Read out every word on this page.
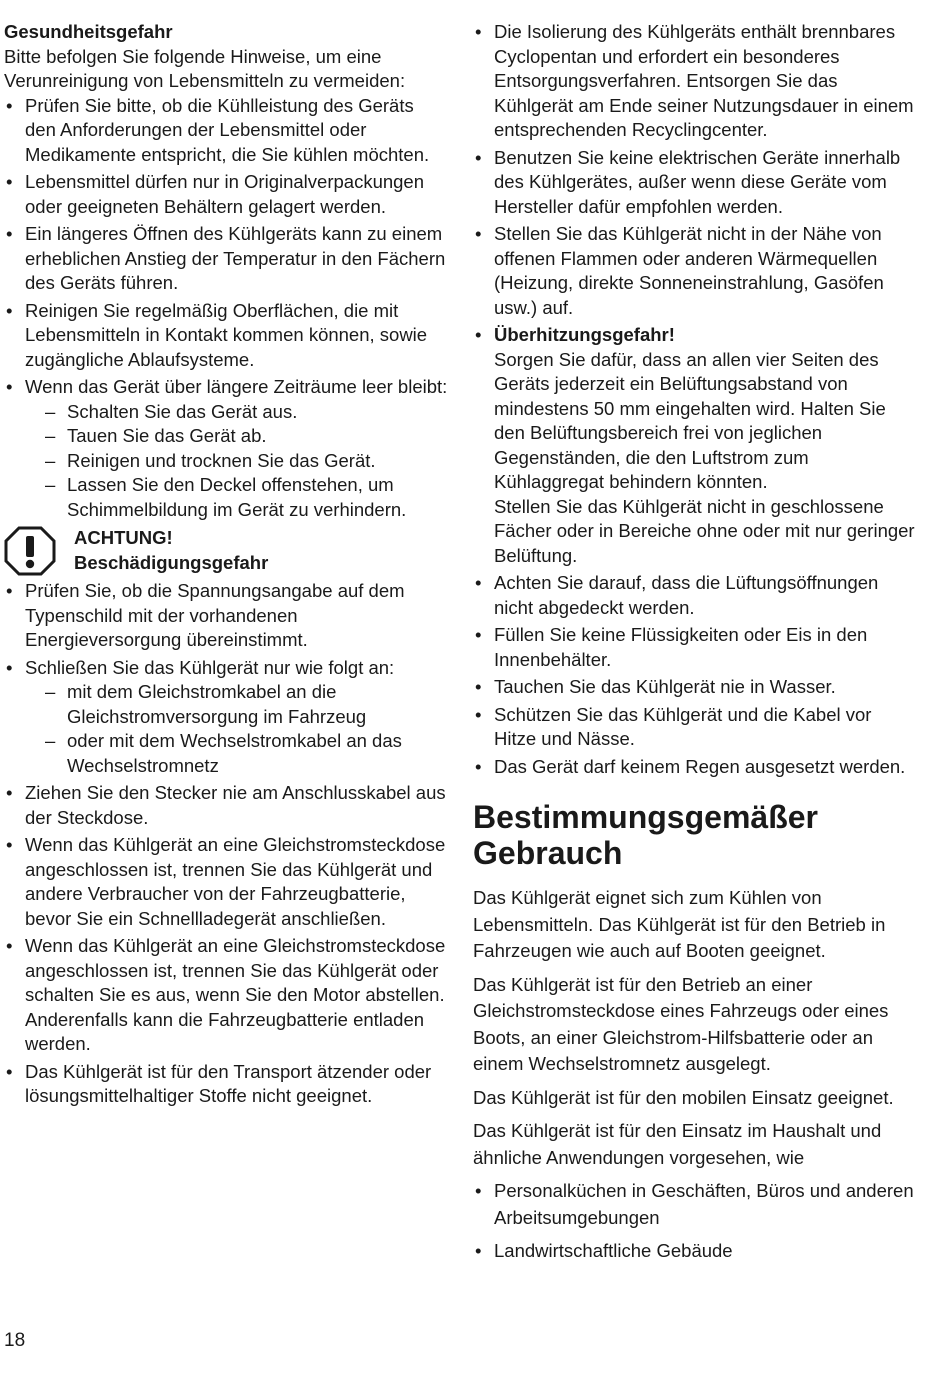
Gesundheitsgefahr

Bitte befolgen Sie folgende Hinweise, um eine Verunreinigung von Lebensmitteln zu vermeiden:

• Prüfen Sie bitte, ob die Kühlleistung des Geräts den Anforderungen der Lebensmittel oder Medikamente entspricht, die Sie kühlen möchten.
• Lebensmittel dürfen nur in Originalverpackungen oder geeigneten Behältern gelagert werden.
• Ein längeres Öffnen des Kühlgeräts kann zu einem erheblichen Anstieg der Temperatur in den Fächern des Geräts führen.
• Reinigen Sie regelmäßig Oberflächen, die mit Lebensmitteln in Kontakt kommen können, sowie zugängliche Ablaufsysteme.
• Wenn das Gerät über längere Zeiträume leer bleibt:
– Schalten Sie das Gerät aus.
– Tauen Sie das Gerät ab.
– Reinigen und trocknen Sie das Gerät.
– Lassen Sie den Deckel offenstehen, um Schimmelbildung im Gerät zu verhindern.
ACHTUNG!
Beschädigungsgefahr
• Prüfen Sie, ob die Spannungsangabe auf dem Typenschild mit der vorhandenen Energieversorgung übereinstimmt.
• Schließen Sie das Kühlgerät nur wie folgt an:
– mit dem Gleichstromkabel an die Gleichstromversorgung im Fahrzeug
– oder mit dem Wechselstromkabel an das Wechselstromnetz
• Ziehen Sie den Stecker nie am Anschlusskabel aus der Steckdose.
• Wenn das Kühlgerät an eine Gleichstromsteckdose angeschlossen ist, trennen Sie das Kühlgerät und andere Verbraucher von der Fahrzeugbatterie, bevor Sie ein Schnellladegerät anschließen.
• Wenn das Kühlgerät an eine Gleichstromsteckdose angeschlossen ist, trennen Sie das Kühlgerät oder schalten Sie es aus, wenn Sie den Motor abstellen. Anderenfalls kann die Fahrzeugbatterie entladen werden.
• Das Kühlgerät ist für den Transport ätzender oder lösungsmittelhaltiger Stoffe nicht geeignet.
• Die Isolierung des Kühlgeräts enthält brennbares Cyclopentan und erfordert ein besonderes Entsorgungsverfahren. Entsorgen Sie das Kühlgerät am Ende seiner Nutzungsdauer in einem entsprechenden Recyclingcenter.
• Benutzen Sie keine elektrischen Geräte innerhalb des Kühlgerätes, außer wenn diese Geräte vom Hersteller dafür empfohlen werden.
• Stellen Sie das Kühlgerät nicht in der Nähe von offenen Flammen oder anderen Wärmequellen (Heizung, direkte Sonneneinstrahlung, Gasöfen usw.) auf.
• Überhitzungsgefahr!
Sorgen Sie dafür, dass an allen vier Seiten des Geräts jederzeit ein Belüftungsabstand von mindestens 50 mm eingehalten wird. Halten Sie den Belüftungsbereich frei von jeglichen Gegenständen, die den Luftstrom zum Kühlaggregat behindern könnten.
Stellen Sie das Kühlgerät nicht in geschlossene Fächer oder in Bereiche ohne oder mit nur geringer Belüftung.
• Achten Sie darauf, dass die Lüftungsöffnungen nicht abgedeckt werden.
• Füllen Sie keine Flüssigkeiten oder Eis in den Innenbehälter.
• Tauchen Sie das Kühlgerät nie in Wasser.
• Schützen Sie das Kühlgerät und die Kabel vor Hitze und Nässe.
• Das Gerät darf keinem Regen ausgesetzt werden.
Bestimmungsgemäßer
Gebrauch

Das Kühlgerät eignet sich zum Kühlen von Lebensmitteln. Das Kühlgerät ist für den Betrieb in Fahrzeugen wie auch auf Booten geeignet.

Das Kühlgerät ist für den Betrieb an einer Gleichstromsteckdose eines Fahrzeugs oder eines Boots, an einer Gleichstrom-Hilfsbatterie oder an einem Wechselstromnetz ausgelegt.

Das Kühlgerät ist für den mobilen Einsatz geeignet.

Das Kühlgerät ist für den Einsatz im Haushalt und ähnliche Anwendungen vorgesehen, wie

• Personalküchen in Geschäften, Büros und anderen Arbeitsumgebungen
• Landwirtschaftliche Gebäude
18
